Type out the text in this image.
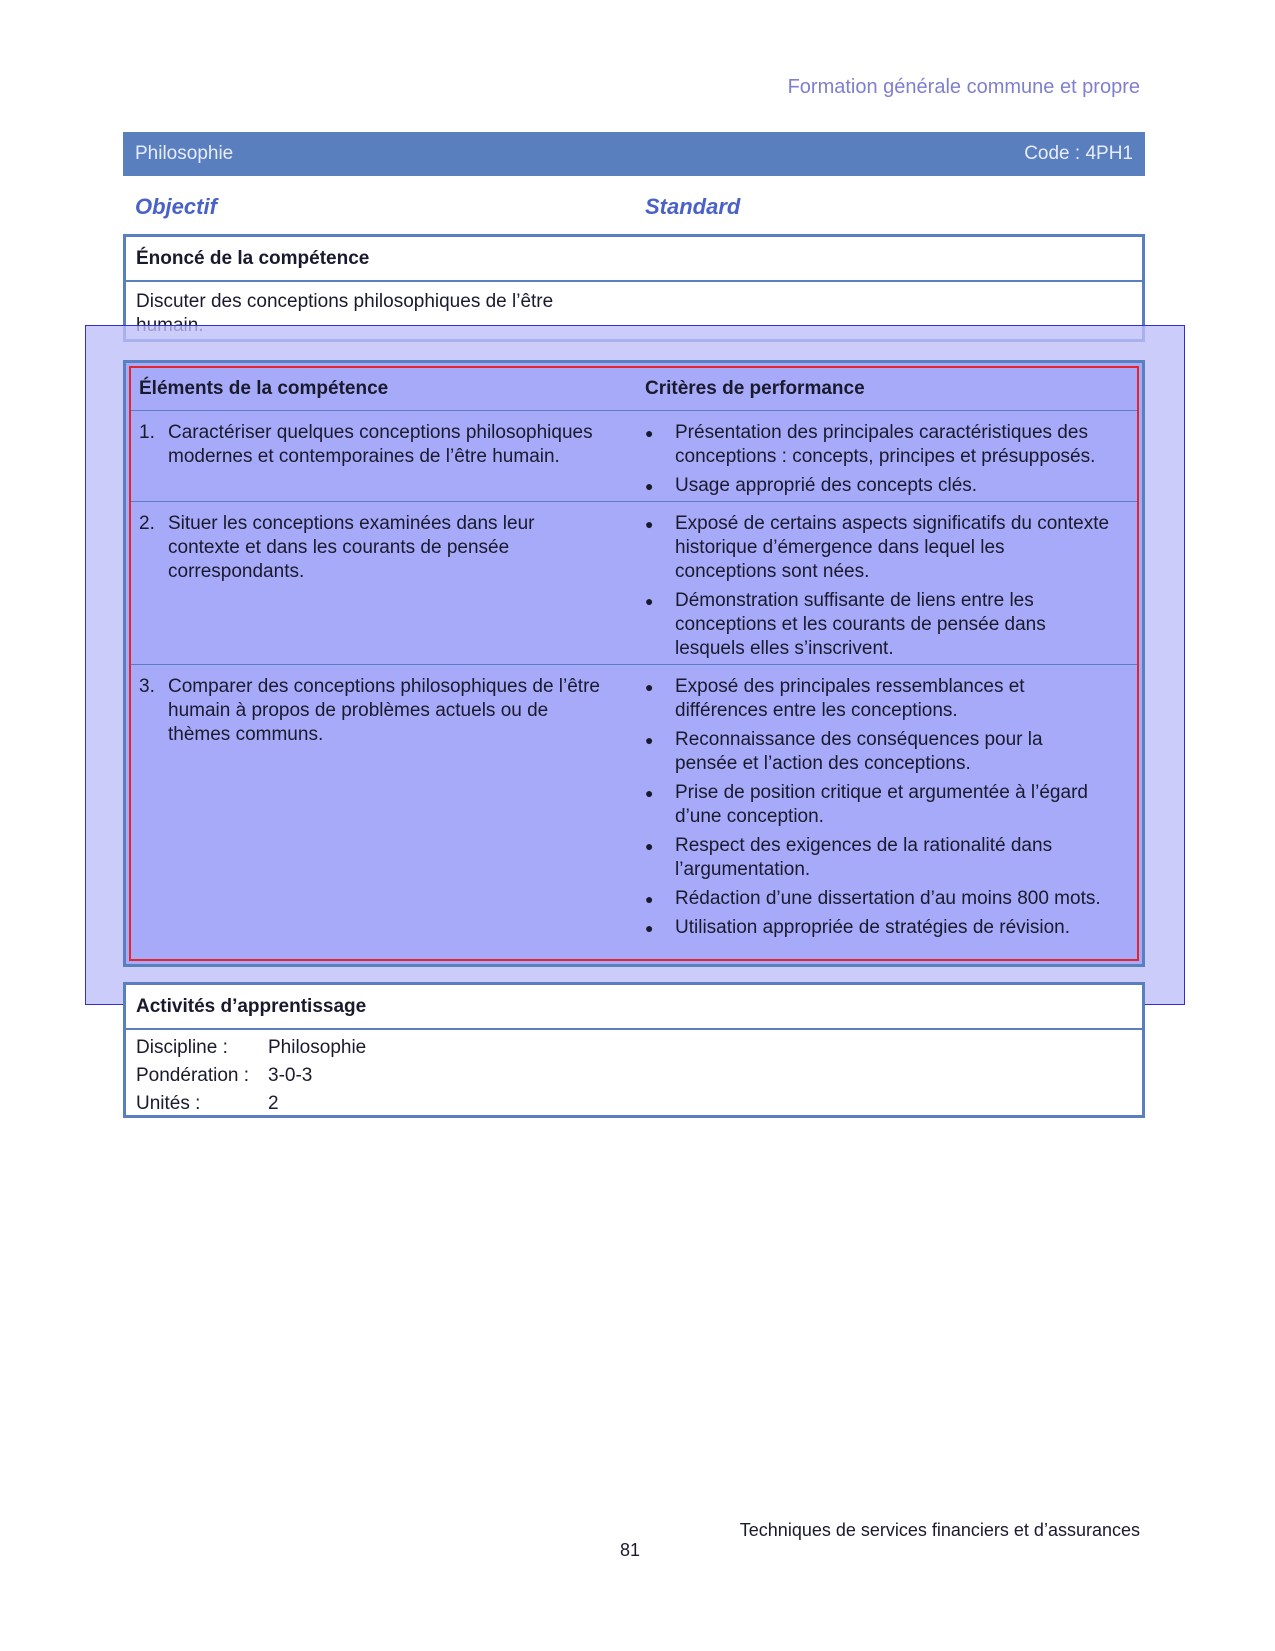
Formation générale commune et propre
Philosophie	Code : 4PH1
Objectif	Standard
Énoncé de la compétence
Discuter des conceptions philosophiques de l’être
Éléments de la compétence	Critères de performance
1. Caractériser quelques conceptions philosophiques modernes et contemporaines de l’être humain.
●	Présentation des principales caractéristiques des conceptions : concepts, principes et présupposés.
●	Usage approprié des concepts clés.
2. Situer les conceptions examinées dans leur contexte et dans les courants de pensée correspondants.
●	Exposé de certains aspects significatifs du contexte historique d’émergence dans lequel les conceptions sont nées.
●	Démonstration suffisante de liens entre les conceptions et les courants de pensée dans lesquels elles s’inscrivent.
3. Comparer des conceptions philosophiques de l’être humain à propos de problèmes actuels ou de thèmes communs.
●	Exposé des principales ressemblances et différences entre les conceptions.
●	Reconnaissance des conséquences pour la pensée et l’action des conceptions.
●	Prise de position critique et argumentée à l’égard d’une conception.
●	Respect des exigences de la rationalité dans l’argumentation.
●	Rédaction d’une dissertation d’au moins 800 mots.
●	Utilisation appropriée de stratégies de révision.
Activités d’apprentissage
Discipline : Philosophie
Pondération : 3-0-3
Unités :	2
Techniques de services financiers et d’assurances
81
